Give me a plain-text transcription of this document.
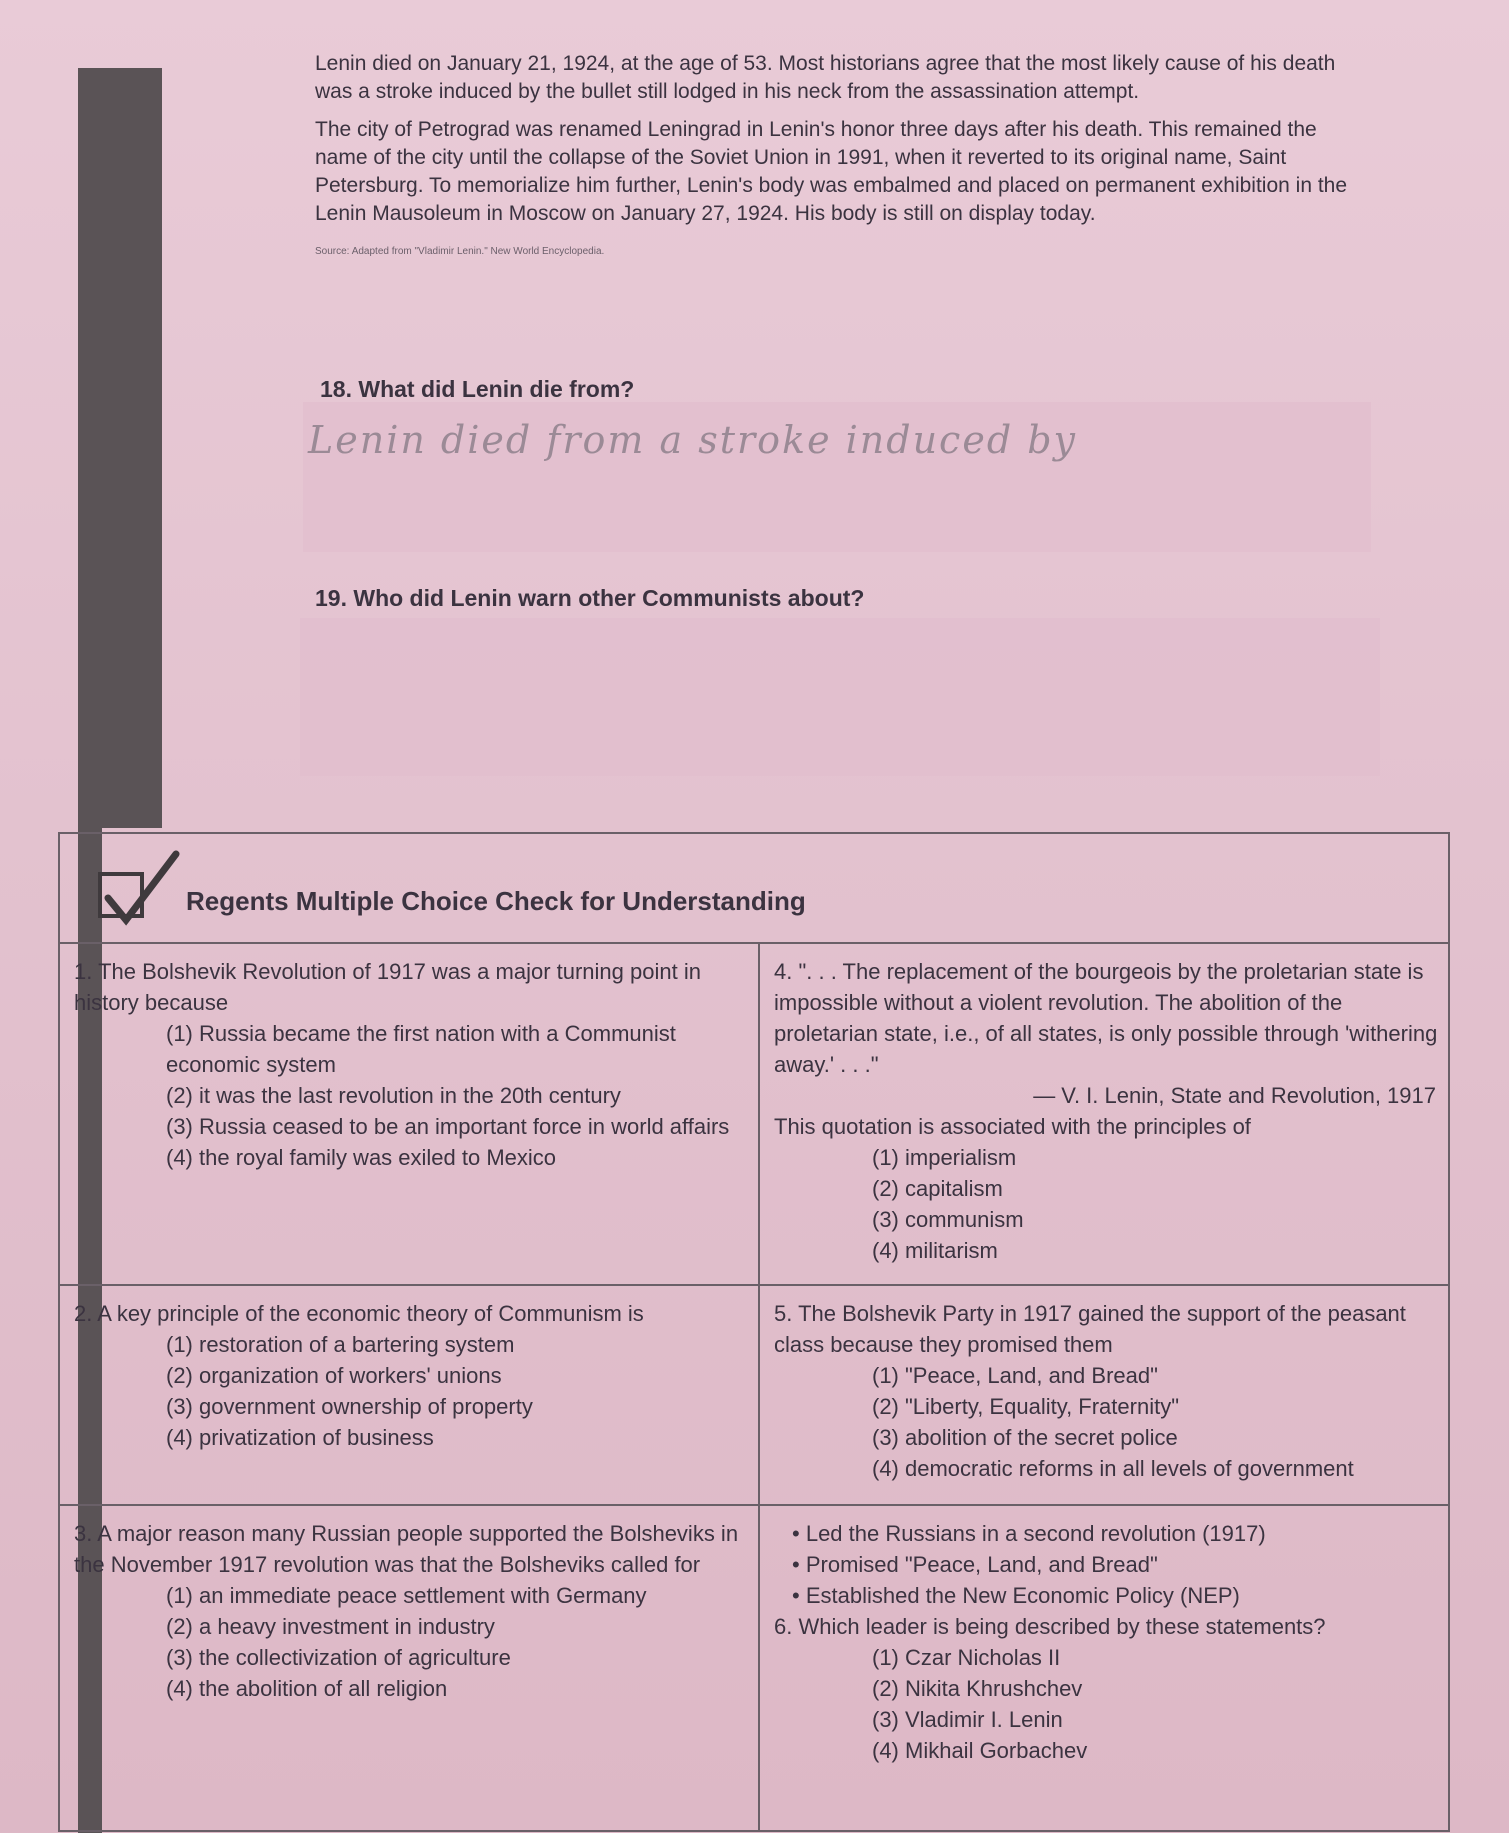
Lenin died on January 21, 1924, at the age of 53. Most historians agree that the most likely cause of his death was a stroke induced by the bullet still lodged in his neck from the assassination attempt.

The city of Petrograd was renamed Leningrad in Lenin's honor three days after his death. This remained the name of the city until the collapse of the Soviet Union in 1991, when it reverted to its original name, Saint Petersburg. To memorialize him further, Lenin's body was embalmed and placed on permanent exhibition in the Lenin Mausoleum in Moscow on January 27, 1924. His body is still on display today.

Source: Adapted from "Vladimir Lenin." New World Encyclopedia.
18. What did Lenin die from?
Lenin died from a stroke induced by
19. Who did Lenin warn other Communists about?
Regents Multiple Choice Check for Understanding

1. The Bolshevik Revolution of 1917 was a major turning point in history because

(1) Russia became the first nation with a Communist economic system

(2) it was the last revolution in the 20th century

(3) Russia ceased to be an important force in world affairs

(4) the royal family was exiled to Mexico

4. ". . . The replacement of the bourgeois by the proletarian state is impossible without a violent revolution. The abolition of the proletarian state, i.e., of all states, is only possible through 'withering away.' . . ."

— V. I. Lenin, State and Revolution, 1917

This quotation is associated with the principles of

(1) imperialism

(2) capitalism

(3) communism

(4) militarism

2. A key principle of the economic theory of Communism is

(1) restoration of a bartering system

(2) organization of workers' unions

(3) government ownership of property

(4) privatization of business

5. The Bolshevik Party in 1917 gained the support of the peasant class because they promised them

(1) "Peace, Land, and Bread"

(2) "Liberty, Equality, Fraternity"

(3) abolition of the secret police

(4) democratic reforms in all levels of government

3. A major reason many Russian people supported the Bolsheviks in the November 1917 revolution was that the Bolsheviks called for

(1) an immediate peace settlement with Germany

(2) a heavy investment in industry

(3) the collectivization of agriculture

(4) the abolition of all religion

• Led the Russians in a second revolution (1917)

• Promised "Peace, Land, and Bread"

• Established the New Economic Policy (NEP)

6. Which leader is being described by these statements?

(1) Czar Nicholas II

(2) Nikita Khrushchev

(3) Vladimir I. Lenin

(4) Mikhail Gorbachev
